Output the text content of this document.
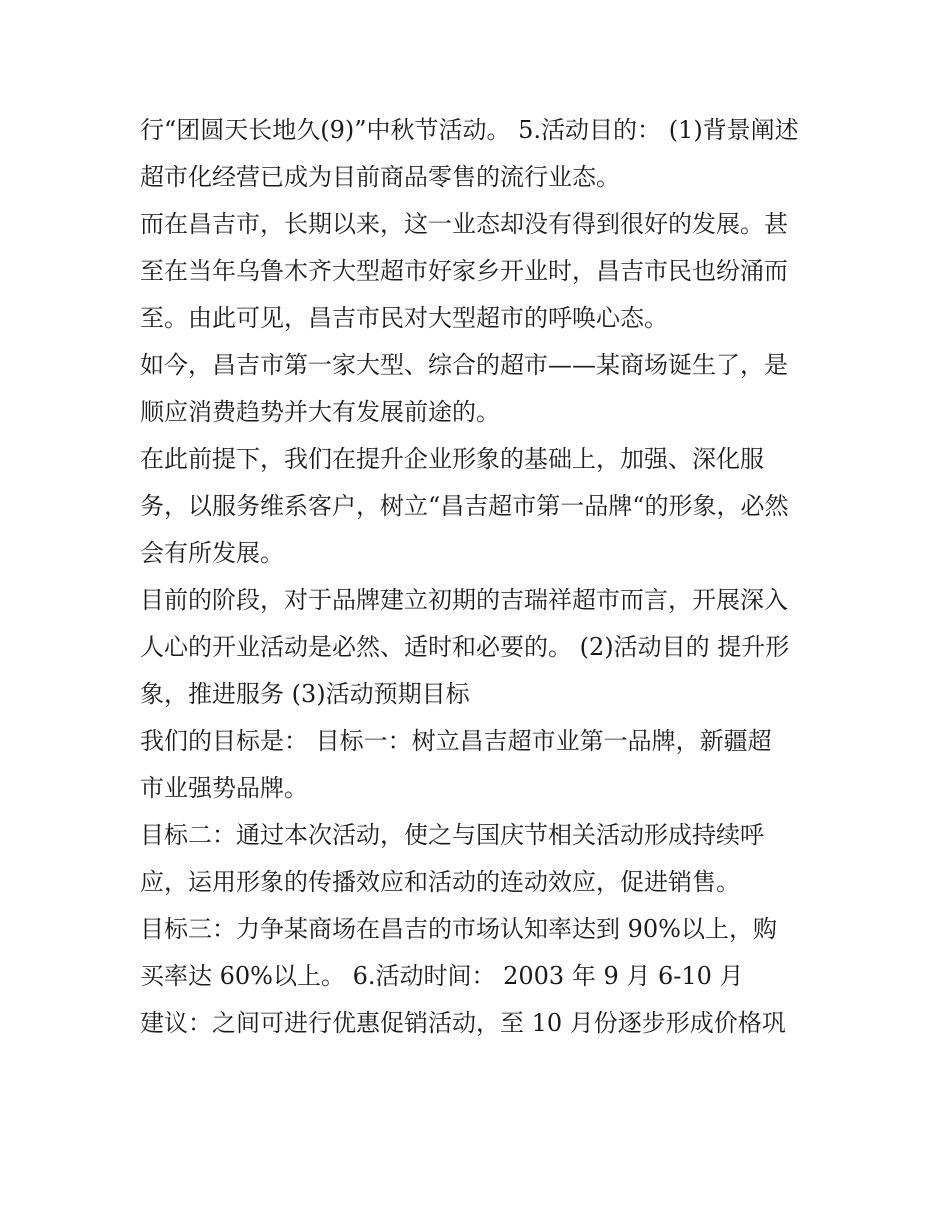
行“团圆天长地久(9)”中秋节活动。 5.活动目的： (1)背景阐述
超市化经营已成为目前商品零售的流行业态。
而在昌吉市，长期以来，这一业态却没有得到很好的发展。甚
至在当年乌鲁木齐大型超市好家乡开业时，昌吉市民也纷涌而
至。由此可见，昌吉市民对大型超市的呼唤心态。
如今，昌吉市第一家大型、综合的超市——某商场诞生了，是
顺应消费趋势并大有发展前途的。
在此前提下，我们在提升企业形象的基础上，加强、深化服
务，以服务维系客户，树立“昌吉超市第一品牌“的形象，必然
会有所发展。
目前的阶段，对于品牌建立初期的吉瑞祥超市而言，开展深入
人心的开业活动是必然、适时和必要的。 (2)活动目的 提升形
象，推进服务 (3)活动预期目标
我们的目标是： 目标一：树立昌吉超市业第一品牌，新疆超
市业强势品牌。
目标二：通过本次活动，使之与国庆节相关活动形成持续呼
应，运用形象的传播效应和活动的连动效应，促进销售。
目标三：力争某商场在昌吉的市场认知率达到 90%以上，购
买率达 60%以上。 6.活动时间： 2003 年 9 月 6-10 月
建议：之间可进行优惠促销活动，至 10 月份逐步形成价格巩
